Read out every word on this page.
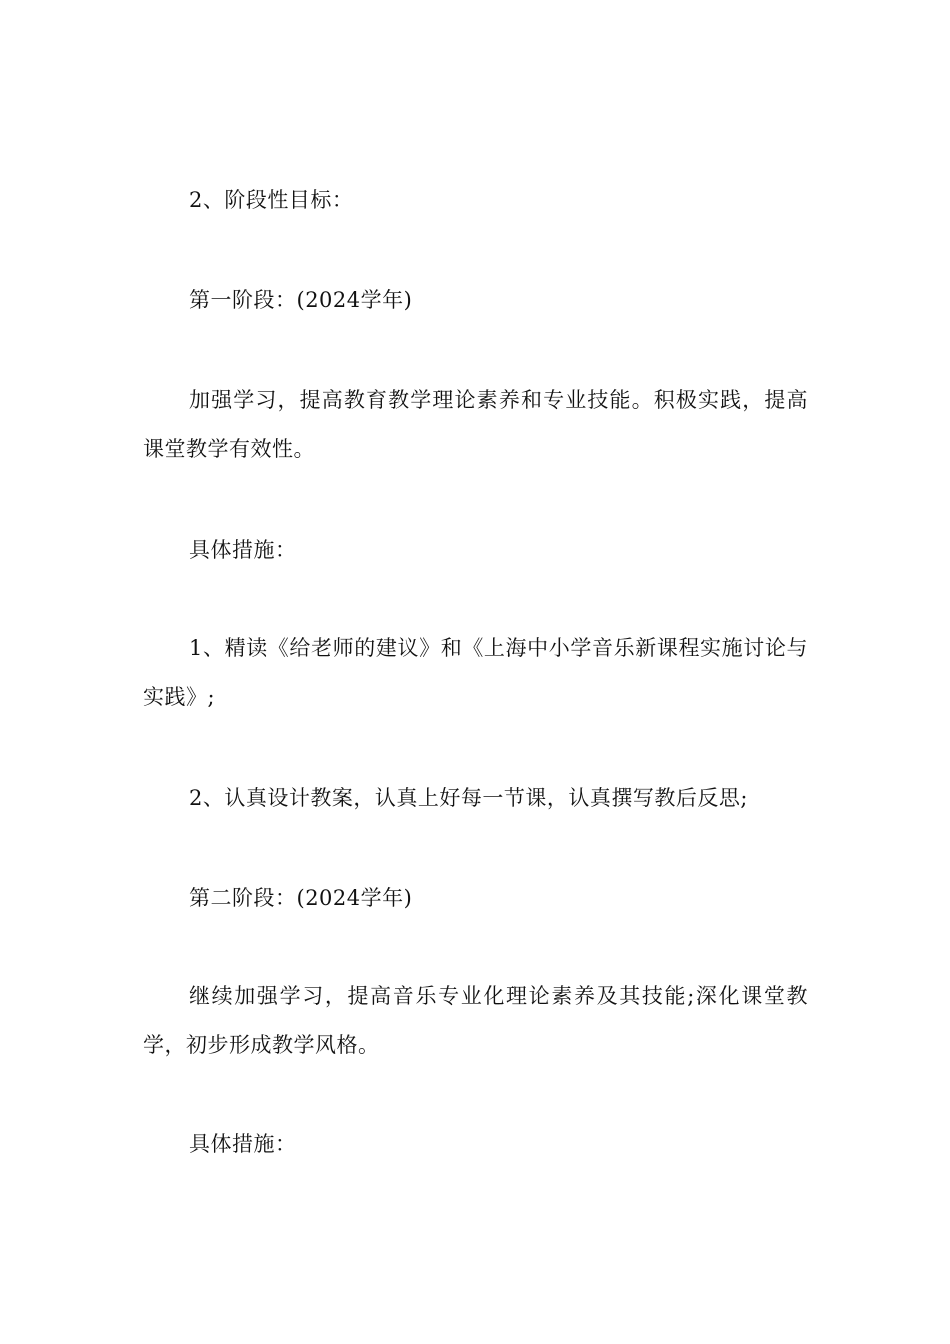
2、阶段性目标：

第一阶段：(2024学年)

加强学习，提高教育教学理论素养和专业技能。积极实践，提高课堂教学有效性。

具体措施：

1、精读《给老师的建议》和《上海中小学音乐新课程实施讨论与实践》;

2、认真设计教案，认真上好每一节课，认真撰写教后反思;

第二阶段：(2024学年)

继续加强学习，提高音乐专业化理论素养及其技能;深化课堂教学，初步形成教学风格。

具体措施：
